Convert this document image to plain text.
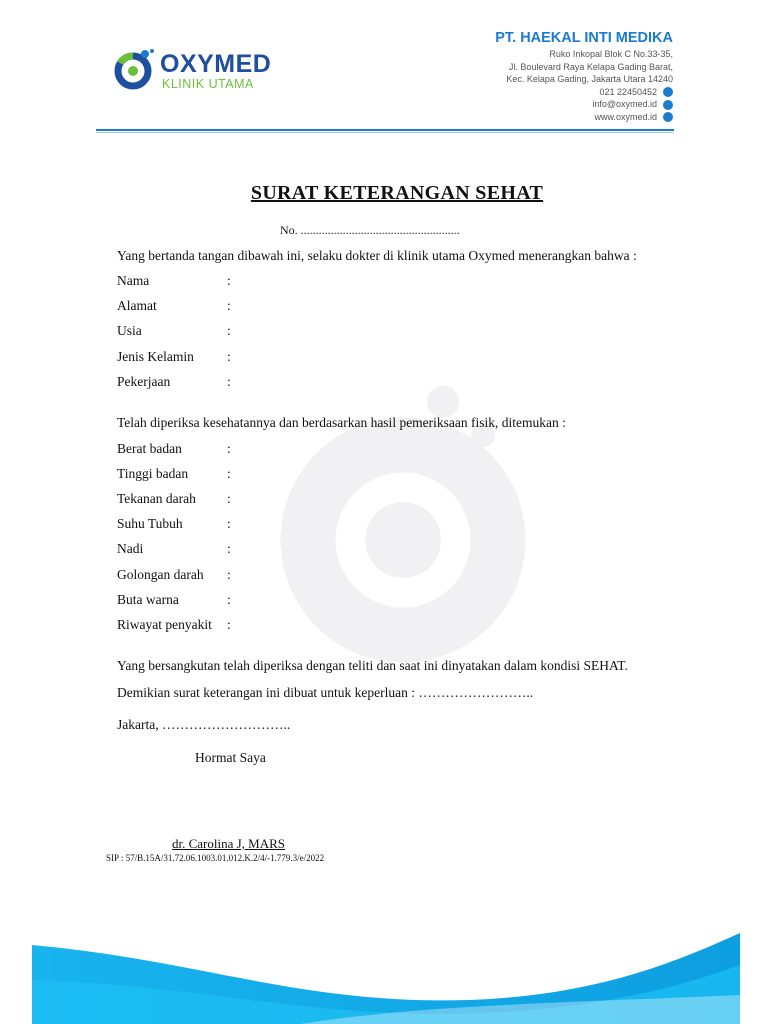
OXYMED
KLINIK UTAMA
PT. HAEKAL INTI MEDIKA
Ruko Inkopal Blok C No.33-35,
Jl. Boulevard Raya Kelapa Gading Barat,
Kec. Kelapa Gading, Jakarta Utara 14240
021 22450452
info@oxymed.id
www.oxymed.id
SURAT KETERANGAN SEHAT
No. .....................................................
Yang bertanda tangan dibawah ini, selaku dokter di klinik utama Oxymed menerangkan bahwa :
Nama	:
Alamat	:
Usia	:
Jenis Kelamin :
Pekerjaan	:
Telah diperiksa kesehatannya dan berdasarkan hasil pemeriksaan fisik, ditemukan :
Berat badan	:
Tinggi badan	:
Tekanan darah :
Suhu Tubuh	:
Nadi	:
Golongan darah :
Buta warna	:
Riwayat penyakit :
Yang bersangkutan telah diperiksa dengan teliti dan saat ini dinyatakan dalam kondisi SEHAT.
Demikian surat keterangan ini dibuat untuk keperluan : ……………………..
Jakarta, ………………………..
Hormat Saya
dr. Carolina J, MARS
SIP : 57/B.15A/31.72.06.1003.01.012.K.2/4/-1.779.3/e/2022
